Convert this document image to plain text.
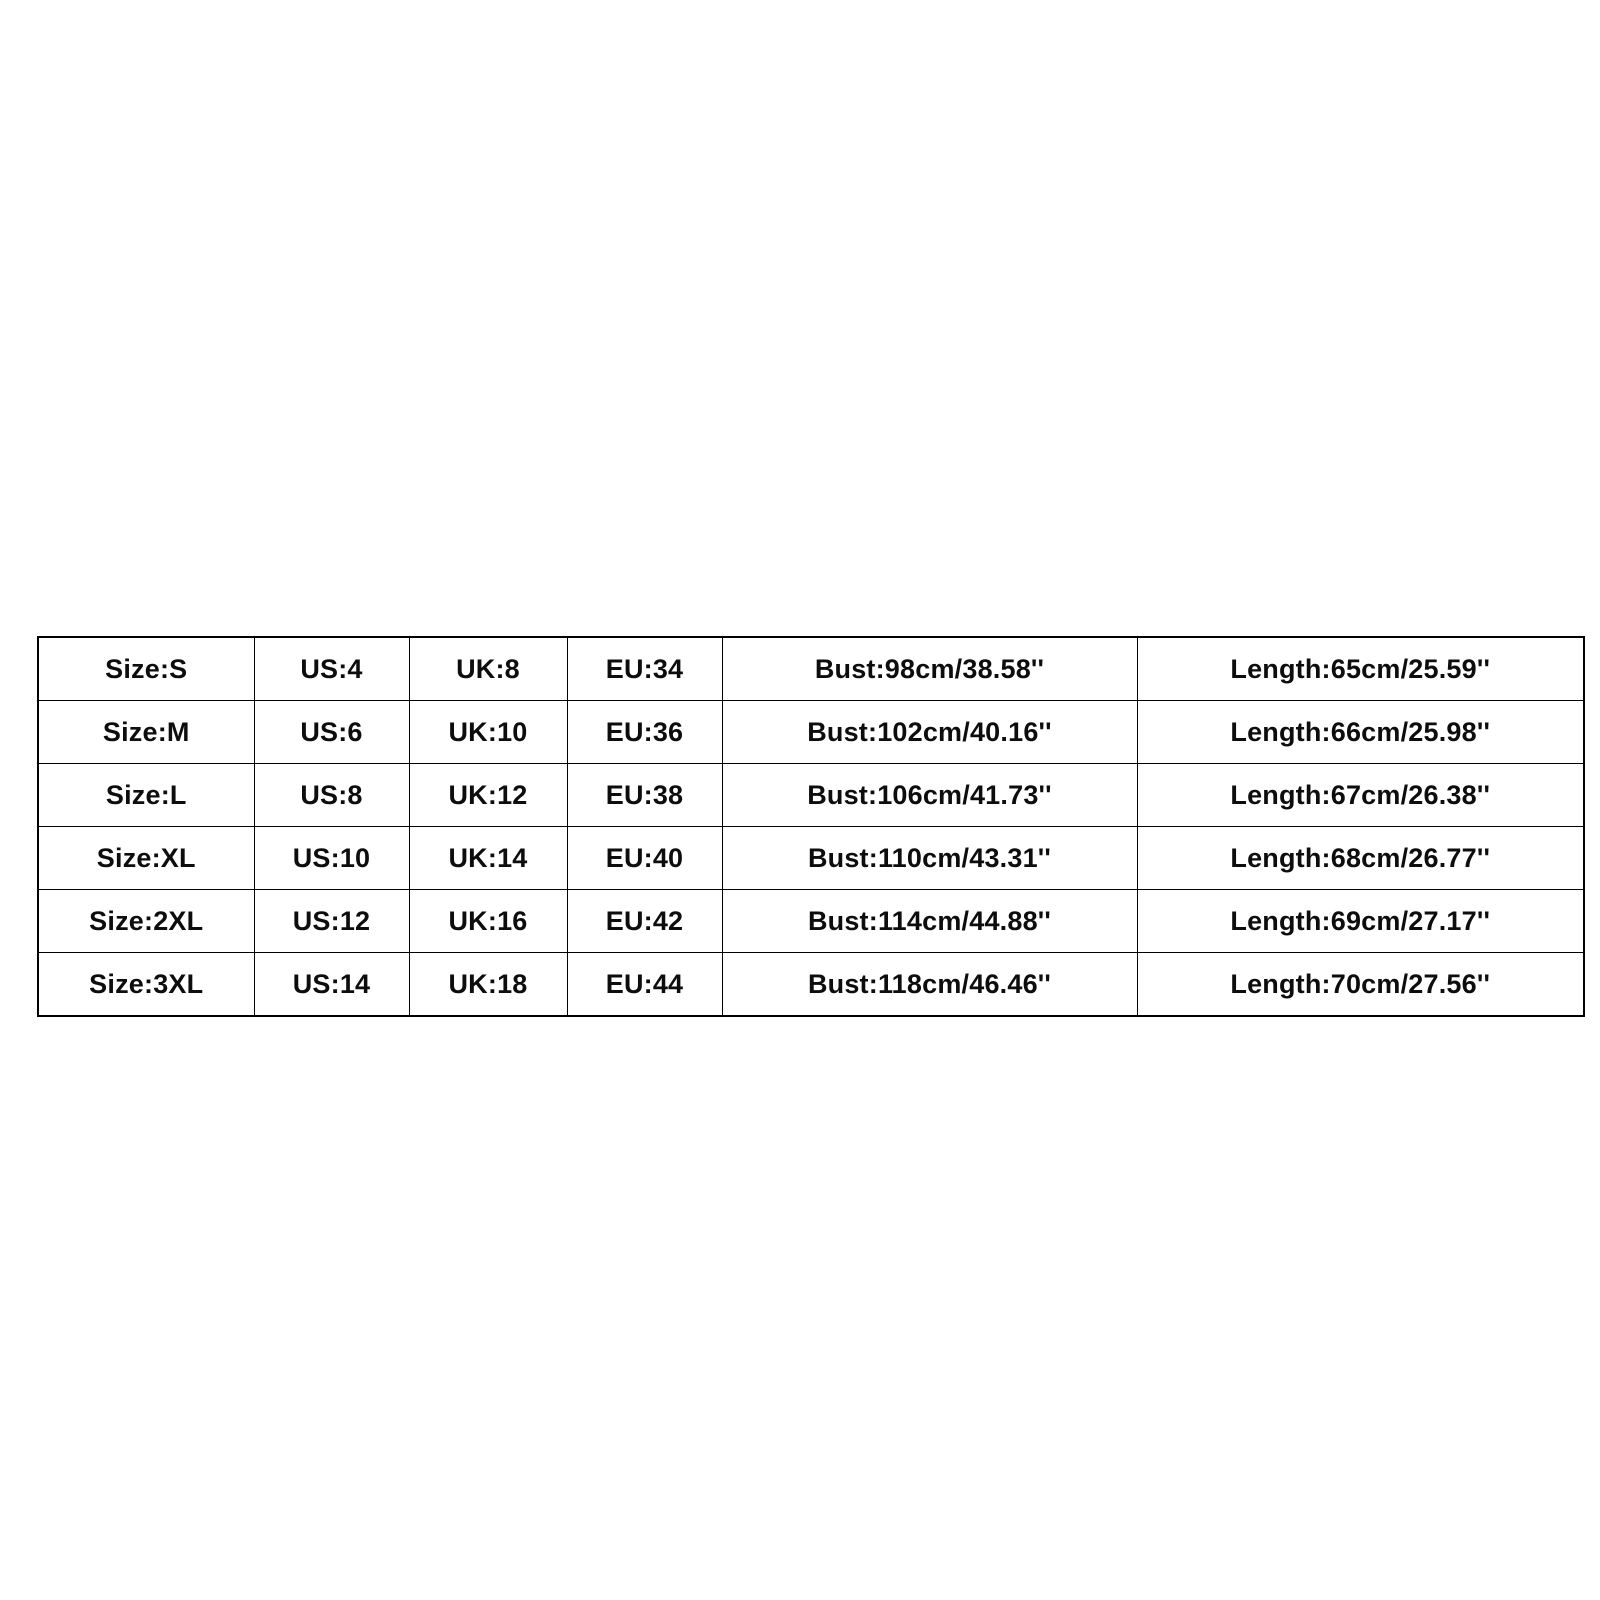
Size:S	US:4	UK:8	EU:34	Bust:98cm/38.58''	Length:65cm/25.59''
Size:M	US:6	UK:10	EU:36	Bust:102cm/40.16''	Length:66cm/25.98''
Size:L	US:8	UK:12	EU:38	Bust:106cm/41.73''	Length:67cm/26.38''
Size:XL	US:10	UK:14	EU:40	Bust:110cm/43.31''	Length:68cm/26.77''
Size:2XL	US:12	UK:16	EU:42	Bust:114cm/44.88''	Length:69cm/27.17''
Size:3XL	US:14	UK:18	EU:44	Bust:118cm/46.46''	Length:70cm/27.56''
